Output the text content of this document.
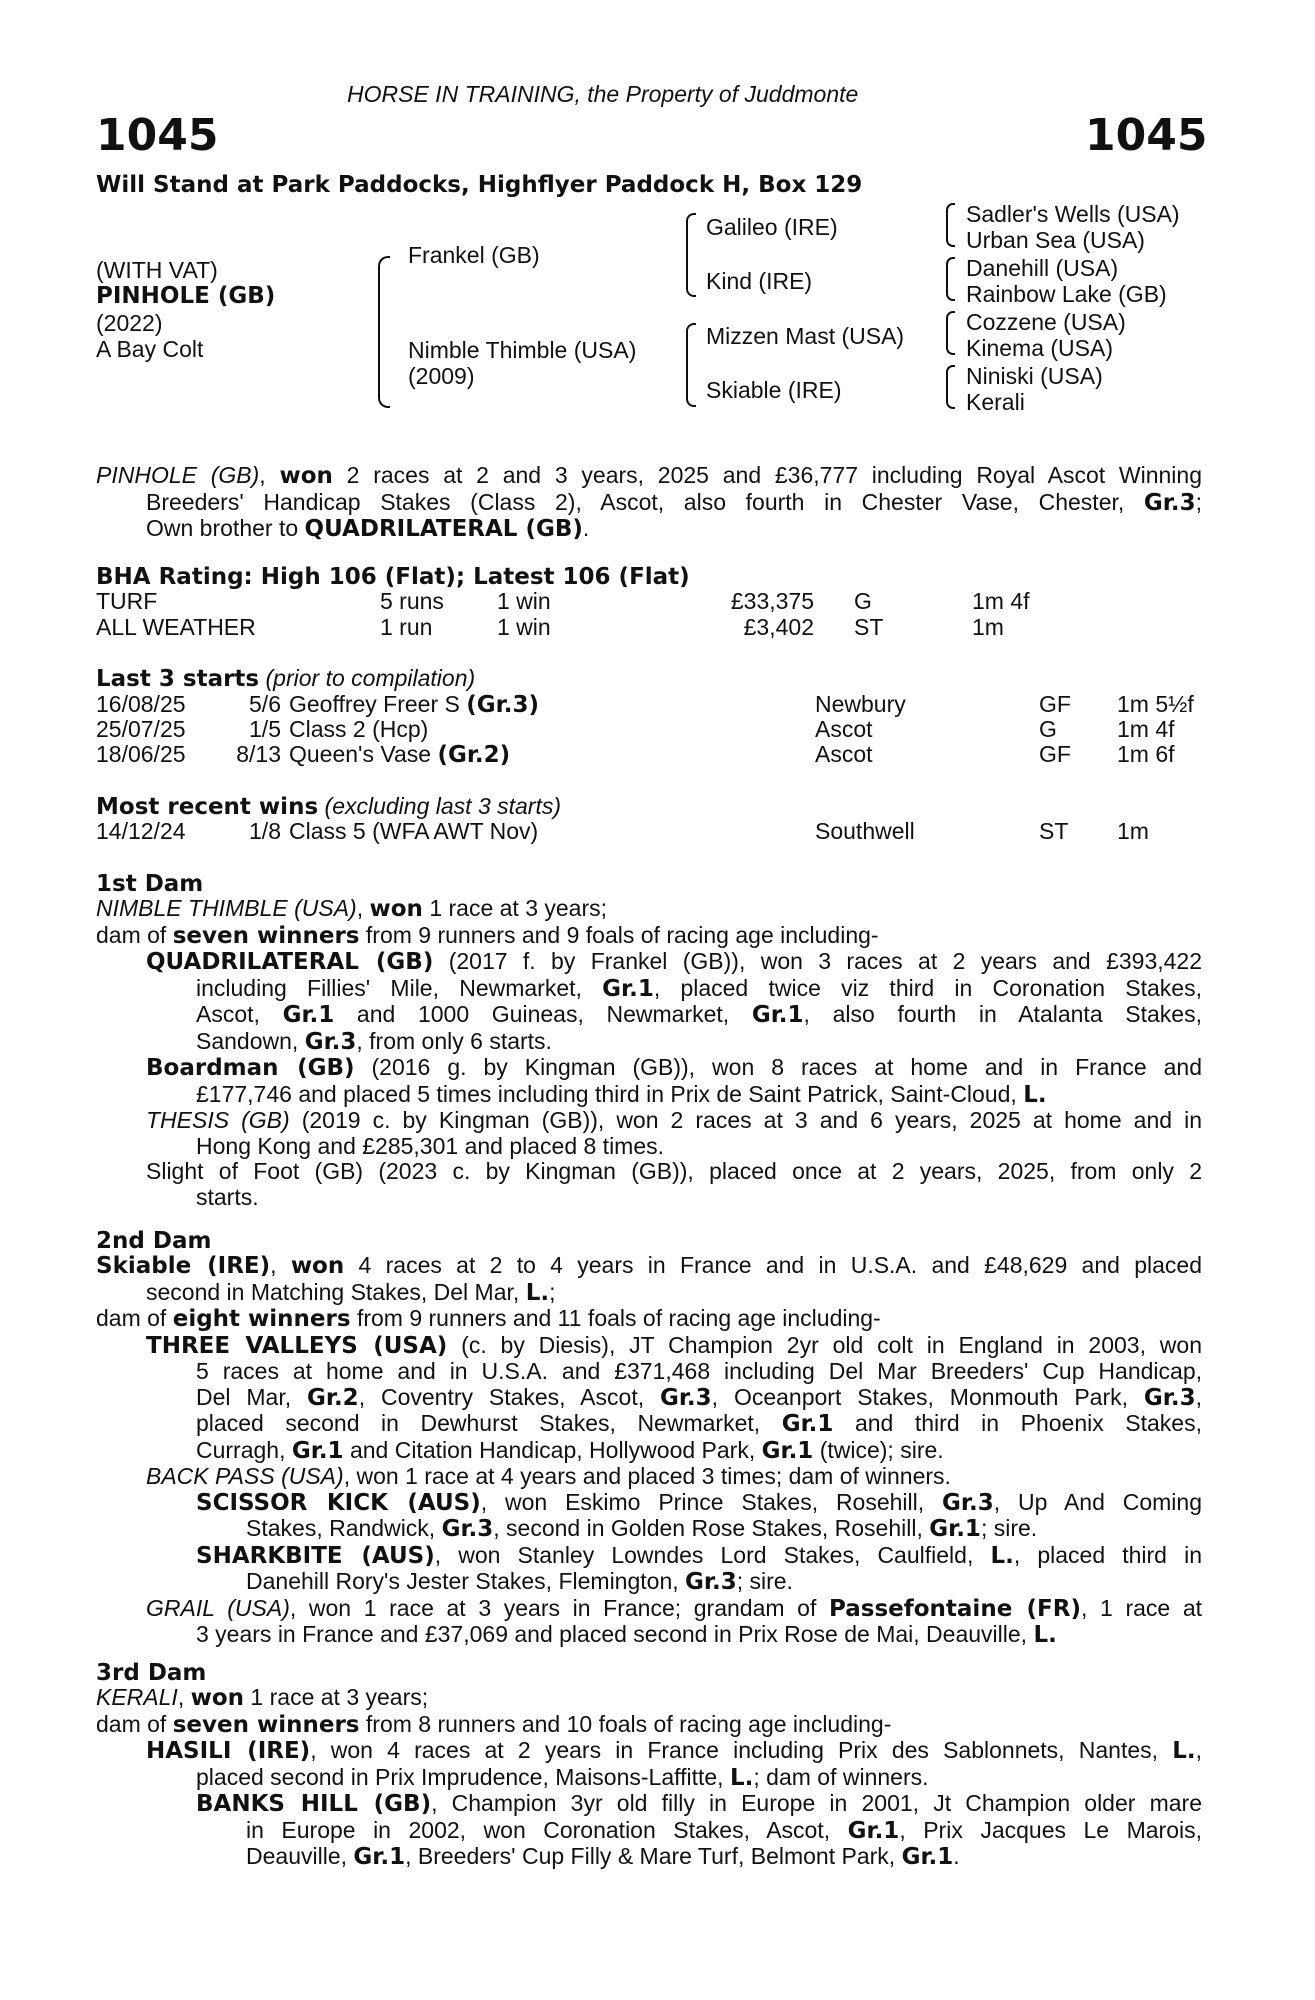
HORSE IN TRAINING, the Property of Juddmonte
1045	1045
Will Stand at Park Paddocks, Highflyer Paddock H, Box 129
(WITH VAT)
PINHOLE (GB)
(2022)
A Bay Colt
Frankel (GB)
Nimble Thimble (USA)
(2009)
Galileo (IRE)
Kind (IRE)
Mizzen Mast (USA)
Skiable (IRE)
Sadler's Wells (USA)
Urban Sea (USA)
Danehill (USA)
Rainbow Lake (GB)
Cozzene (USA)
Kinema (USA)
Niniski (USA)
Kerali
PINHOLE (GB), won 2 races at 2 and 3 years, 2025 and £36,777 including Royal Ascot Winning
Breeders' Handicap Stakes (Class 2), Ascot, also fourth in Chester Vase, Chester, Gr.3;
Own brother to QUADRILATERAL (GB).
BHA Rating: High 106 (Flat); Latest 106 (Flat)
TURF	5 runs 1 win	£33,375 G	1m 4f
ALL WEATHER	1 run	1 win	£3,402 ST	1m
Last 3 starts (prior to compilation)
16/08/25	5/6 Geoffrey Freer S (Gr.3)	Newbury	GF 1m 5½f
25/07/25	1/5 Class 2 (Hcp)	Ascot	G	1m 4f
18/06/25 8/13 Queen's Vase (Gr.2)	Ascot	GF 1m 6f
Most recent wins (excluding last 3 starts)
14/12/24	1/8 Class 5 (WFA AWT Nov)	Southwell	ST 1m
1st Dam
NIMBLE THIMBLE (USA), won 1 race at 3 years;
dam of seven winners from 9 runners and 9 foals of racing age including-
QUADRILATERAL (GB) (2017 f. by Frankel (GB)), won 3 races at 2 years and £393,422
including Fillies' Mile, Newmarket, Gr.1, placed twice viz third in Coronation Stakes,
Ascot, Gr.1 and 1000 Guineas, Newmarket, Gr.1, also fourth in Atalanta Stakes,
Sandown, Gr.3, from only 6 starts.
Boardman (GB) (2016 g. by Kingman (GB)), won 8 races at home and in France and
£177,746 and placed 5 times including third in Prix de Saint Patrick, Saint-Cloud, L.
THESIS (GB) (2019 c. by Kingman (GB)), won 2 races at 3 and 6 years, 2025 at home and in
Hong Kong and £285,301 and placed 8 times.
Slight of Foot (GB) (2023 c. by Kingman (GB)), placed once at 2 years, 2025, from only 2
starts.
2nd Dam
Skiable (IRE), won 4 races at 2 to 4 years in France and in U.S.A. and £48,629 and placed
second in Matching Stakes, Del Mar, L.;
dam of eight winners from 9 runners and 11 foals of racing age including-
THREE VALLEYS (USA) (c. by Diesis), JT Champion 2yr old colt in England in 2003, won
5 races at home and in U.S.A. and £371,468 including Del Mar Breeders' Cup Handicap,
Del Mar, Gr.2, Coventry Stakes, Ascot, Gr.3, Oceanport Stakes, Monmouth Park, Gr.3,
placed second in Dewhurst Stakes, Newmarket, Gr.1 and third in Phoenix Stakes,
Curragh, Gr.1 and Citation Handicap, Hollywood Park, Gr.1 (twice); sire.
BACK PASS (USA), won 1 race at 4 years and placed 3 times; dam of winners.
SCISSOR KICK (AUS), won Eskimo Prince Stakes, Rosehill, Gr.3, Up And Coming
Stakes, Randwick, Gr.3, second in Golden Rose Stakes, Rosehill, Gr.1; sire.
SHARKBITE (AUS), won Stanley Lowndes Lord Stakes, Caulfield, L., placed third in
Danehill Rory's Jester Stakes, Flemington, Gr.3; sire.
GRAIL (USA), won 1 race at 3 years in France; grandam of Passefontaine (FR), 1 race at
3 years in France and £37,069 and placed second in Prix Rose de Mai, Deauville, L.
3rd Dam
KERALI, won 1 race at 3 years;
dam of seven winners from 8 runners and 10 foals of racing age including-
HASILI (IRE), won 4 races at 2 years in France including Prix des Sablonnets, Nantes, L.,
placed second in Prix Imprudence, Maisons-Laffitte, L.; dam of winners.
BANKS HILL (GB), Champion 3yr old filly in Europe in 2001, Jt Champion older mare
in Europe in 2002, won Coronation Stakes, Ascot, Gr.1, Prix Jacques Le Marois,
Deauville, Gr.1, Breeders' Cup Filly & Mare Turf, Belmont Park, Gr.1.
